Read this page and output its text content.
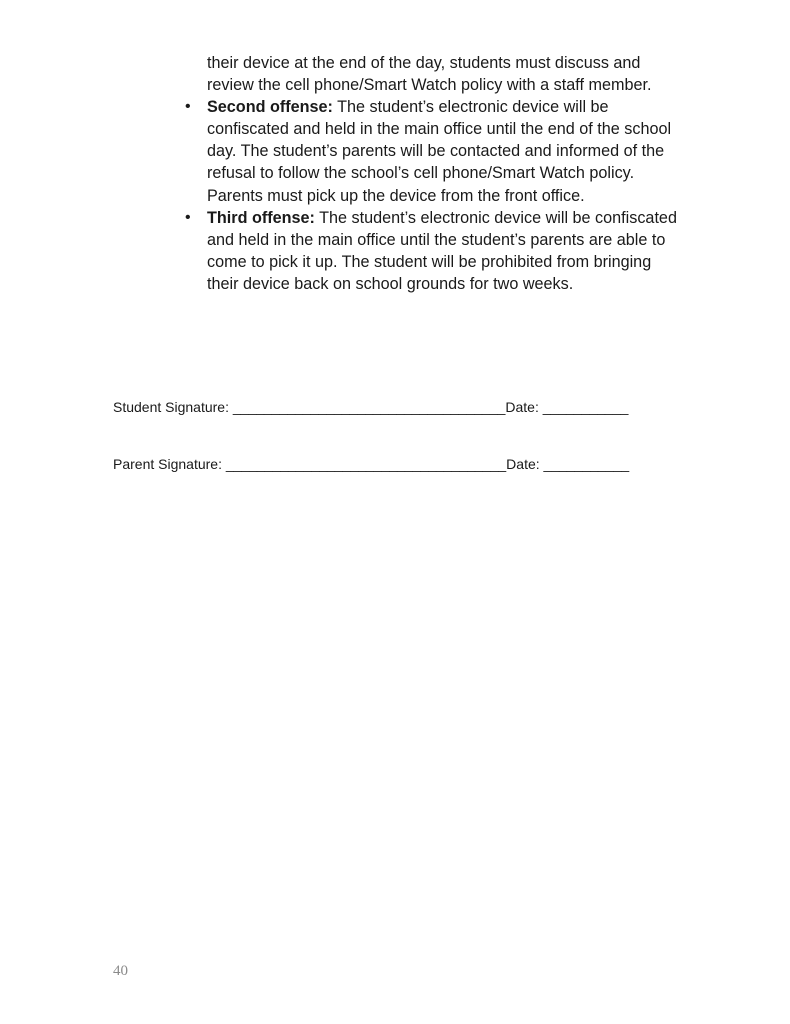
their device at the end of the day, students must discuss and review the cell phone/Smart Watch policy with a staff member.

• Second offense: The student’s electronic device will be confiscated and held in the main office until the end of the school day. The student’s parents will be contacted and informed of the refusal to follow the school’s cell phone/Smart Watch policy. Parents must pick up the device from the front office.
• Third offense: The student’s electronic device will be confiscated and held in the main office until the student’s parents are able to come to pick it up. The student will be prohibited from bringing their device back on school grounds for two weeks.
Student Signature: ___________________________________Date: ___________
Parent Signature: ____________________________________Date: ___________
40
